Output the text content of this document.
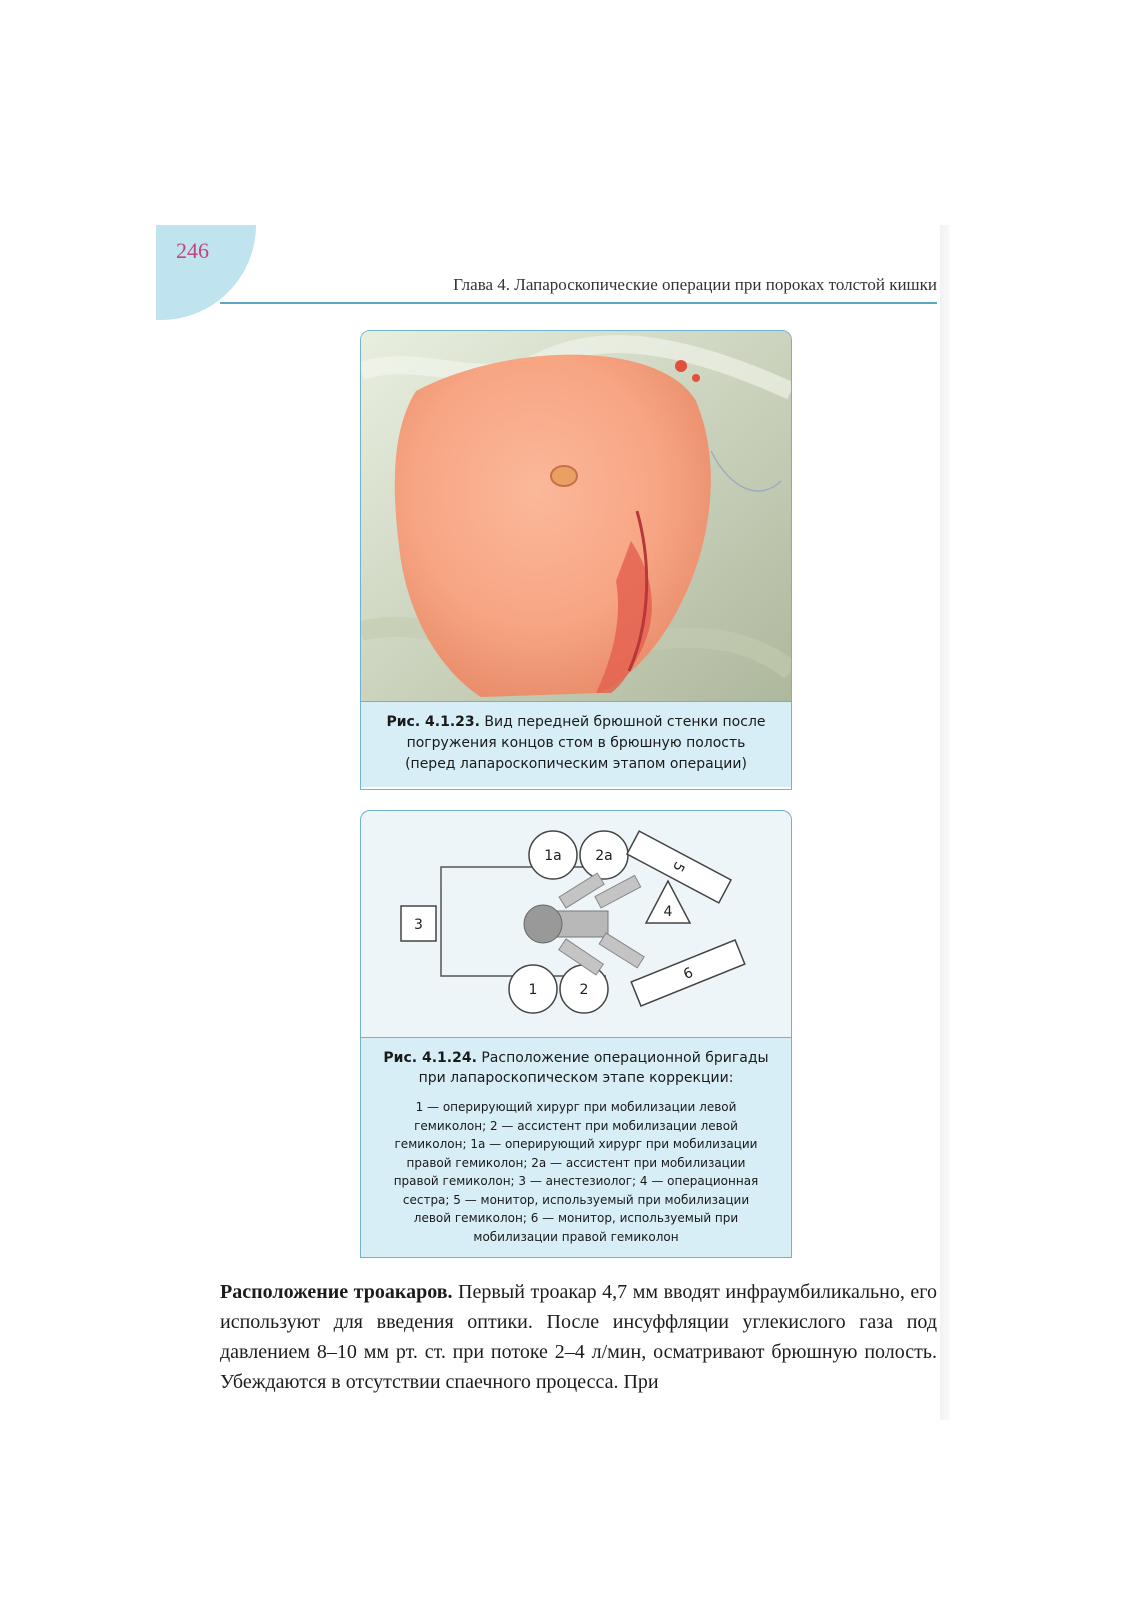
246
Глава 4. Лапароскопические операции при пороках толстой кишки
Рис. 4.1.23. Вид передней брюшной стенки после погружения концов стом в брюшную полость (перед лапароскопическим этапом операции)
3
1а 2а
1	2
4
5
6
Рис. 4.1.24. Расположение операционной бригады при лапароскопическом этапе коррекции:
1 — оперирующий хирург при мобилизации левой гемиколон; 2 — ассистент при мобилизации левой гемиколон; 1а — оперирующий хирург при мобилизации правой гемиколон; 2а — ассистент при мобилизации правой гемиколон; 3 — анестезиолог; 4 — операционная сестра; 5 — монитор, используемый при мобилизации левой гемиколон; 6 — монитор, используемый при мобилизации правой гемиколон
Расположение троакаров. Первый троакар 4,7 мм вводят инфраумбиликально, его используют для введения оптики. После инсуффляции углекислого газа под давлением 8–10 мм рт. ст. при потоке 2–4 л/мин, осматривают брюшную полость. Убеждаются в отсутствии спаечного процесса. При
